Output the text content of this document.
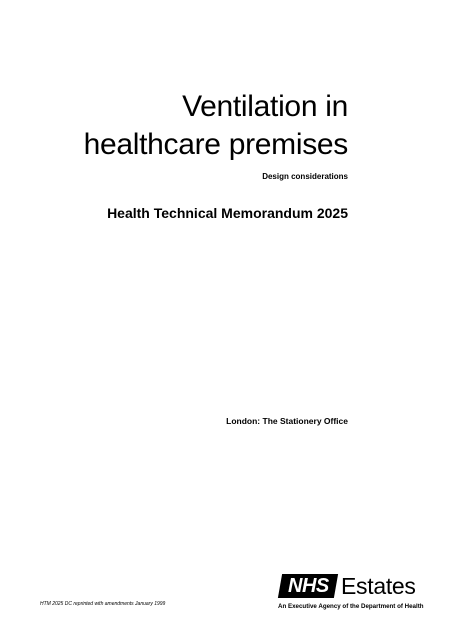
Ventilation in
healthcare premises
Design considerations
Health Technical Memorandum 2025
London: The Stationery Office
HTM 2025 DC reprinted with amendments January 1999
NHS Estates
An Executive Agency of the Department of Health
